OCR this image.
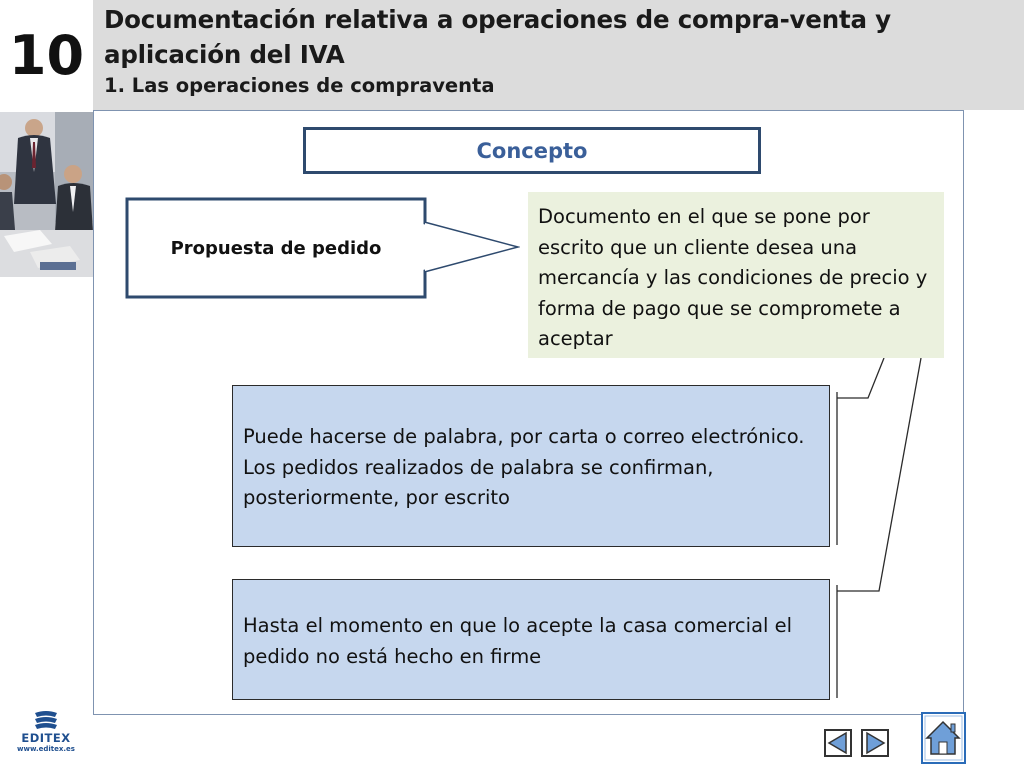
10
Documentación relativa a operaciones de compra-venta y aplicación del IVA
1. Las operaciones de compraventa
Concepto
Propuesta de pedido
Documento en el que se pone por escrito que un cliente desea una mercancía y las condiciones de precio y forma de pago que se compromete a aceptar
Puede hacerse de palabra, por carta o correo electrónico. Los pedidos realizados de palabra se confirman, posteriormente, por escrito
Hasta el momento en que lo acepte la casa comercial el pedido no está hecho en firme
EDITEX
www.editex.es
